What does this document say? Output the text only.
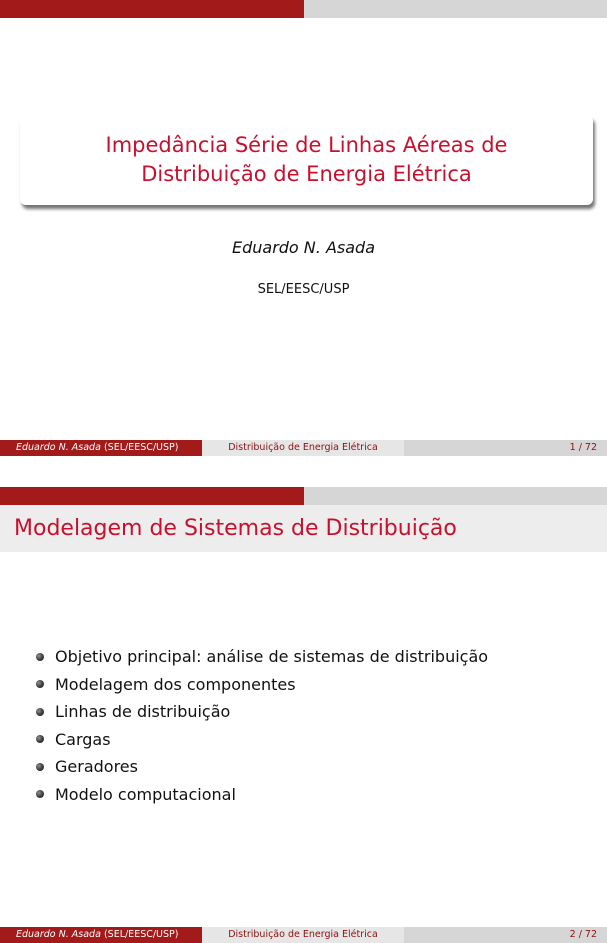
Impedância Série de Linhas Aéreas de Distribuição de Energia Elétrica
Eduardo N. Asada
SEL/EESC/USP
Eduardo N. Asada (SEL/EESC/USP)	Distribuição de Energia Elétrica	1 / 72
Modelagem de Sistemas de Distribuição
Objetivo principal: análise de sistemas de distribuição
Modelagem dos componentes
Linhas de distribuição
Cargas
Geradores
Modelo computacional
Eduardo N. Asada (SEL/EESC/USP)	Distribuição de Energia Elétrica	2 / 72
